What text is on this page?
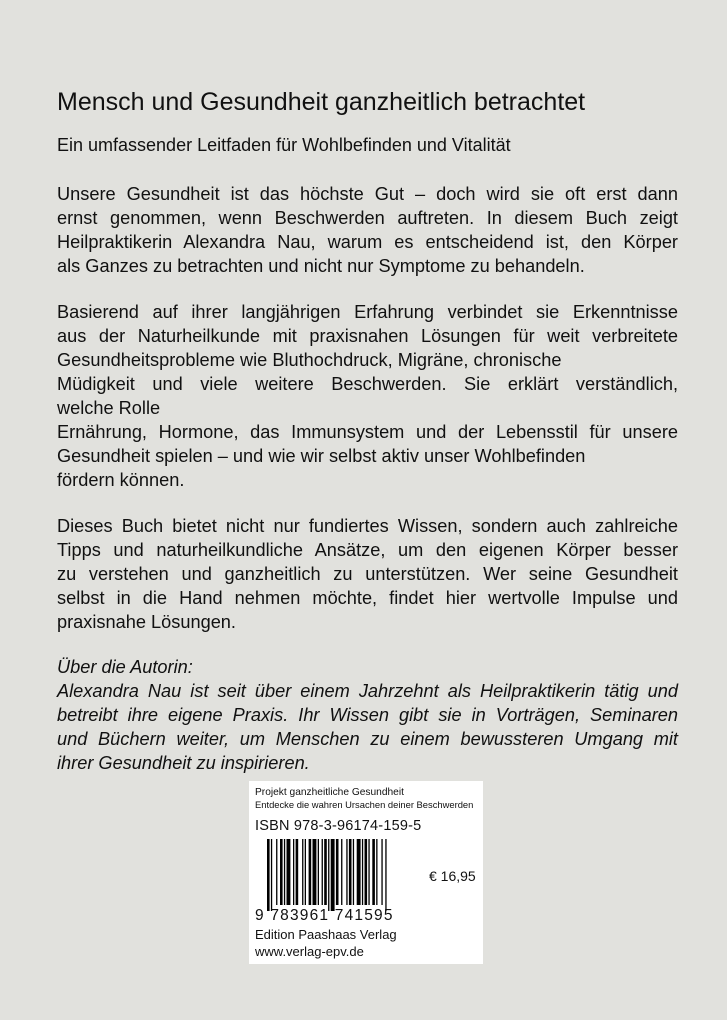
Mensch und Gesundheit ganzheitlich betrachtet

Ein umfassender Leitfaden für Wohlbefinden und Vitalität

Unsere Gesundheit ist das höchste Gut – doch wird sie oft erst dann
ernst genommen, wenn Beschwerden auftreten. In diesem Buch zeigt
Heilpraktikerin Alexandra Nau, warum es entscheidend ist, den Körper
als Ganzes zu betrachten und nicht nur Symptome zu behandeln.
Basierend auf ihrer langjährigen Erfahrung verbindet sie Erkenntnisse
aus der Naturheilkunde mit praxisnahen Lösungen für weit verbreitete
Gesundheitsprobleme wie Bluthochdruck, Migräne, chronische
Müdigkeit und viele weitere Beschwerden. Sie erklärt verständlich,
welche Rolle
Ernährung, Hormone, das Immunsystem und der Lebensstil für unsere
Gesundheit spielen – und wie wir selbst aktiv unser Wohlbefinden
fördern können.
Dieses Buch bietet nicht nur fundiertes Wissen, sondern auch zahlreiche
Tipps und naturheilkundliche Ansätze, um den eigenen Körper besser
zu verstehen und ganzheitlich zu unterstützen. Wer seine Gesundheit
selbst in die Hand nehmen möchte, findet hier wertvolle Impulse und
praxisnahe Lösungen.
Über die Autorin:
Alexandra Nau ist seit über einem Jahrzehnt als Heilpraktikerin tätig und
betreibt ihre eigene Praxis. Ihr Wissen gibt sie in Vorträgen, Seminaren
und Büchern weiter, um Menschen zu einem bewussteren Umgang mit
ihrer Gesundheit zu inspirieren.
Projekt ganzheitliche Gesundheit
Entdecke die wahren Ursachen deiner Beschwerden
ISBN 978-3-96174-159-5
€ 16,95
9 783961 741595
Edition Paashaas Verlag
www.verlag-epv.de
